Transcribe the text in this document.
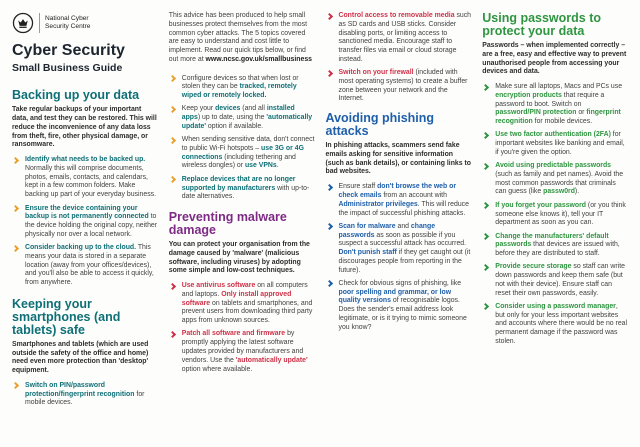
National Cyber
Security Centre
Cyber Security
Small Business Guide
Backing up your data

Take regular backups of your important data, and test they can be restored. This will reduce the inconvenience of any data loss from theft, fire, other physical damage, or ransomware.

Identify what needs to be backed up. Normally this will comprise documents, photos, emails, contacts, and calendars, kept in a few common folders. Make backing up part of your everyday business.

Ensure the device containing your backup is not permanently connected to the device holding the original copy, neither physically nor over a local network.

Consider backing up to the cloud. This means your data is stored in a separate location (away from your offices/devices), and you'll also be able to access it quickly, from anywhere.

Keeping your smartphones (and tablets) safe

Smartphones and tablets (which are used outside the safety of the office and home) need even more protection than 'desktop' equipment.

Switch on PIN/password protection/fingerprint recognition for mobile devices.

This advice has been produced to help small businesses protect themselves from the most common cyber attacks. The 5 topics covered are easy to understand and cost little to implement. Read our quick tips below, or find out more at www.ncsc.gov.uk/smallbusiness

Configure devices so that when lost or stolen they can be tracked, remotely wiped or remotely locked.

Keep your devices (and all installed apps) up to date, using the 'automatically update' option if available.

When sending sensitive data, don't connect to public Wi-Fi hotspots – use 3G or 4G connections (including tethering and wireless dongles) or use VPNs.

Replace devices that are no longer supported by manufacturers with up-to-date alternatives.

Preventing malware damage

You can protect your organisation from the damage caused by 'malware' (malicious software, including viruses) by adopting some simple and low-cost techniques.

Use antivirus software on all computers and laptops. Only install approved software on tablets and smartphones, and prevent users from downloading third party apps from unknown sources.

Patch all software and firmware by promptly applying the latest software updates provided by manufacturers and vendors. Use the 'automatically update' option where available.

Control access to removable media such as SD cards and USB sticks. Consider disabling ports, or limiting access to sanctioned media. Encourage staff to transfer files via email or cloud storage instead.

Switch on your firewall (included with most operating systems) to create a buffer zone between your network and the Internet.

Avoiding phishing attacks

In phishing attacks, scammers send fake emails asking for sensitive information (such as bank details), or containing links to bad websites.

Ensure staff don't browse the web or check emails from an account with Administrator privileges. This will reduce the impact of successful phishing attacks.

Scan for malware and change passwords as soon as possible if you suspect a successful attack has occurred. Don't punish staff if they get caught out (it discourages people from reporting in the future).

Check for obvious signs of phishing, like poor spelling and grammar, or low quality versions of recognisable logos. Does the sender's email address look legitimate, or is it trying to mimic someone you know?

Using passwords to protect your data

Passwords – when implemented correctly – are a free, easy and effective way to prevent unauthorised people from accessing your devices and data.

Make sure all laptops, Macs and PCs use encryption products that require a password to boot. Switch on password/PIN protection or fingerprint recognition for mobile devices.

Use two factor authentication (2FA) for important websites like banking and email, if you're given the option.

Avoid using predictable passwords (such as family and pet names). Avoid the most common passwords that criminals can guess (like passw0rd).

If you forget your password (or you think someone else knows it), tell your IT department as soon as you can.

Change the manufacturers' default passwords that devices are issued with, before they are distributed to staff.

Provide secure storage so staff can write down passwords and keep them safe (but not with their device). Ensure staff can reset their own passwords, easily.

Consider using a password manager, but only for your less important websites and accounts where there would be no real permanent damage if the password was stolen.
